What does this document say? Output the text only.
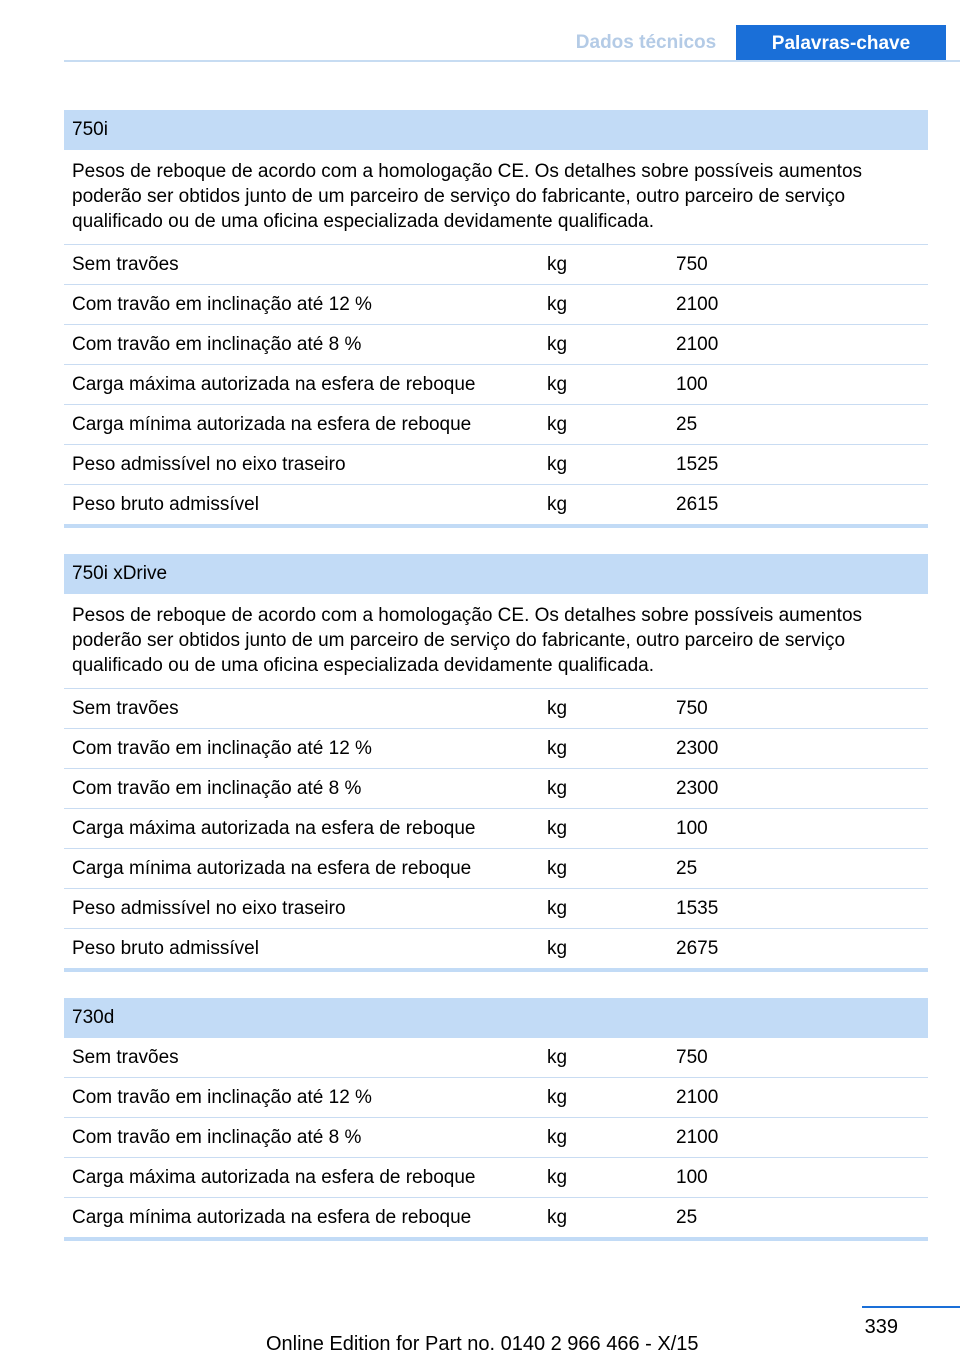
Dados técnicos	Palavras-chave
750i
Pesos de reboque de acordo com a homologação CE. Os detalhes sobre possíveis aumentos poderão ser obtidos junto de um parceiro de serviço do fabricante, outro parceiro de serviço qualificado ou de uma oficina especializada devidamente qualificada.
Sem travões	kg	750
Com travão em inclinação até 12 %	kg	2100
Com travão em inclinação até 8 %	kg	2100
Carga máxima autorizada na esfera de reboque	kg	100
Carga mínima autorizada na esfera de reboque	kg	25
Peso admissível no eixo traseiro	kg	1525
Peso bruto admissível	kg	2615
750i xDrive
Pesos de reboque de acordo com a homologação CE. Os detalhes sobre possíveis aumentos poderão ser obtidos junto de um parceiro de serviço do fabricante, outro parceiro de serviço qualificado ou de uma oficina especializada devidamente qualificada.
Sem travões	kg	750
Com travão em inclinação até 12 %	kg	2300
Com travão em inclinação até 8 %	kg	2300
Carga máxima autorizada na esfera de reboque	kg	100
Carga mínima autorizada na esfera de reboque	kg	25
Peso admissível no eixo traseiro	kg	1535
Peso bruto admissível	kg	2675
730d
Sem travões	kg	750
Com travão em inclinação até 12 %	kg	2100
Com travão em inclinação até 8 %	kg	2100
Carga máxima autorizada na esfera de reboque	kg	100
Carga mínima autorizada na esfera de reboque	kg	25
339
Online Edition for Part no. 0140 2 966 466 - X/15
